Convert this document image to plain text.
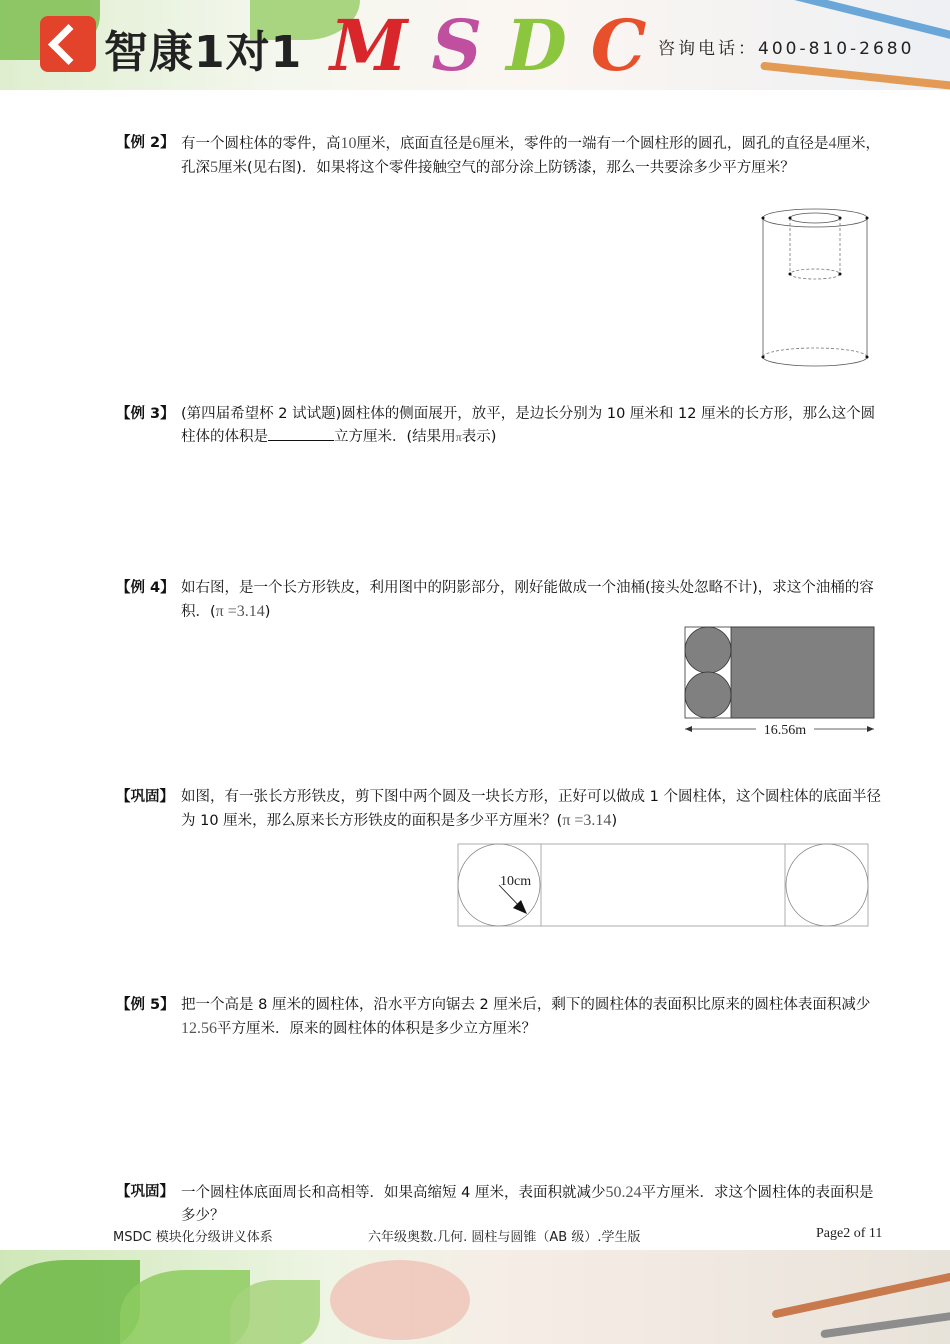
智康1对1 MSDC
咨询电话：400-810-2680
【例 2】 有一个圆柱体的零件，高10厘米，底面直径是6厘米，零件的一端有一个圆柱形的圆孔，圆孔的直径是4厘米，孔深5厘米(见右图)．如果将这个零件接触空气的部分涂上防锈漆，那么一共要涂多少平方厘米？
【例 3】 (第四届希望杯 2 试试题)圆柱体的侧面展开，放平，是边长分别为 10 厘米和 12 厘米的长方形，那么这个圆柱体的体积是	立方厘米．(结果用π表示)
【例 4】 如右图，是一个长方形铁皮，利用图中的阴影部分，刚好能做成一个油桶(接头处忽略不计)，求这个油桶的容积．(π =3.14)
16.56m
【巩固】 如图，有一张长方形铁皮，剪下图中两个圆及一块长方形，正好可以做成 1 个圆柱体，这个圆柱体的底面半径为 10 厘米，那么原来长方形铁皮的面积是多少平方厘米？(π =3.14)
10cm
【例 5】 把一个高是 8 厘米的圆柱体，沿水平方向锯去 2 厘米后，剩下的圆柱体的表面积比原来的圆柱体表面积减少12.56平方厘米．原来的圆柱体的体积是多少立方厘米？
【巩固】 一个圆柱体底面周长和高相等．如果高缩短 4 厘米，表面积就减少50.24平方厘米．求这个圆柱体的表面积是多少？
MSDC 模块化分级讲义体系	六年级奥数.几何. 圆柱与圆锥（AB 级）.学生版	Page2 of 11
